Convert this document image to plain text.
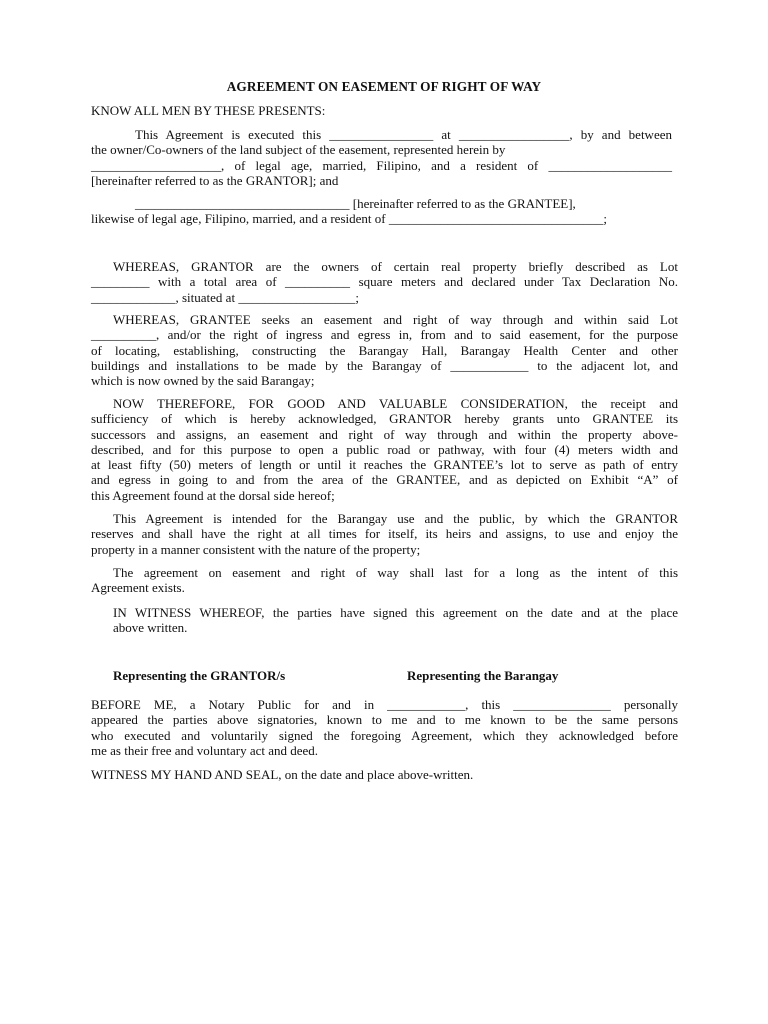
AGREEMENT ON EASEMENT OF RIGHT OF WAY
KNOW ALL MEN BY THESE PRESENTS:
This Agreement is executed this ________________ at _________________, by and between
the owner/Co-owners of the land subject of the easement, represented herein by
____________________, of legal age, married, Filipino, and a resident of ___________________
[hereinafter referred to as the GRANTOR]; and
_________________________________ [hereinafter referred to as the GRANTEE],
likewise of legal age, Filipino, married, and a resident of _________________________________;
WHEREAS, GRANTOR are the owners of certain real property briefly described as Lot
_________ with a total area of __________ square meters and declared under Tax Declaration No.
_____________, situated at __________________;
WHEREAS, GRANTEE seeks an easement and right of way through and within said Lot
__________, and/or the right of ingress and egress in, from and to said easement, for the purpose
of locating, establishing, constructing the Barangay Hall, Barangay Health Center and other
buildings and installations to be made by the Barangay of ____________ to the adjacent lot, and
which is now owned by the said Barangay;
NOW THEREFORE, FOR GOOD AND VALUABLE CONSIDERATION, the receipt and
sufficiency of which is hereby acknowledged, GRANTOR hereby grants unto GRANTEE its
successors and assigns, an easement and right of way through and within the property above-
described, and for this purpose to open a public road or pathway, with four (4) meters width and
at least fifty (50) meters of length or until it reaches the GRANTEE’s lot to serve as path of entry
and egress in going to and from the area of the GRANTEE, and as depicted on Exhibit “A” of
this Agreement found at the dorsal side hereof;
This Agreement is intended for the Barangay use and the public, by which the GRANTOR
reserves and shall have the right at all times for itself, its heirs and assigns, to use and enjoy the
property in a manner consistent with the nature of the property;
The agreement on easement and right of way shall last for a long as the intent of this
Agreement exists.
IN WITNESS WHEREOF, the parties have signed this agreement on the date and at the place
above written.
Representing the GRANTOR/s	Representing the Barangay
BEFORE ME, a Notary Public for and in ____________, this _______________ personally
appeared the parties above signatories, known to me and to me known to be the same persons
who executed and voluntarily signed the foregoing Agreement, which they acknowledged before
me as their free and voluntary act and deed.
WITNESS MY HAND AND SEAL, on the date and place above-written.
